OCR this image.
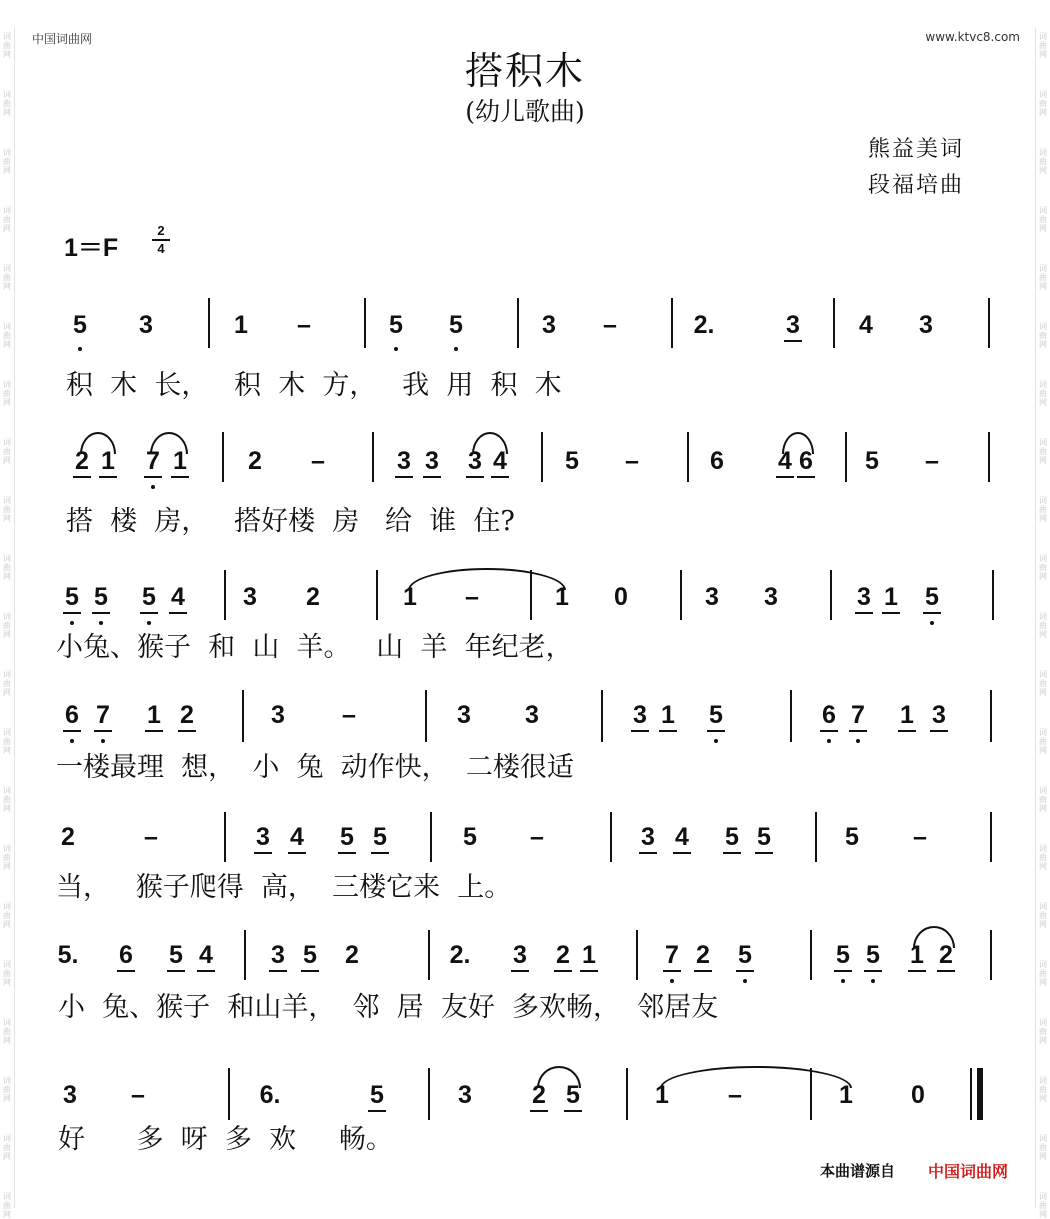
词曲网
词曲网
词曲网
词曲网
词曲网
词曲网
词曲网
词曲网
词曲网
词曲网
词曲网
词曲网
词曲网
词曲网
词曲网
词曲网
词曲网
词曲网
词曲网
词曲网
词曲网
词曲网
词曲网
词曲网
词曲网
词曲网
词曲网
词曲网
词曲网
词曲网
词曲网
词曲网
词曲网
词曲网
词曲网
词曲网
词曲网
词曲网
词曲网
词曲网
词曲网
词曲网
中国词曲网	www.ktvc8.com
搭积木
(幼儿歌曲)
熊益美词
段福培曲
1＝F
2
4
5 3	1 –	5 5	3 –	2.	3 4 3
积  木  长，   积  木  方，   我  用  积  木
2 1 7 1 2 –	3 3 3 4 5 –	6 4 6 5 –
搭  楼  房，   搭好楼  房   给  谁  住?
5 5 5 4 3 2	1 –	1 0	3 3	3 1 5
小兔、猴子  和  山  羊。   山  羊  年纪老，
6 7 1 2	3 –	3 3	3 1 5	6 7 1 3
一楼最理  想，  小  兔  动作快，  二楼很适
2	–	3 4 5 5	5 –	3 4 5 5	5 –
当，   猴子爬得  高，  三楼它来  上。
5. 6 5 4 3 5 2	2. 3 2 1	7 2 5	5 5 1 2
小  兔、猴子  和山羊，  邻  居  友好  多欢畅，  邻居友
3 –	6.	5	3 2 5	1 –	1 0
好      多  呀  多  欢     畅。
本曲谱源自 中国词曲网
